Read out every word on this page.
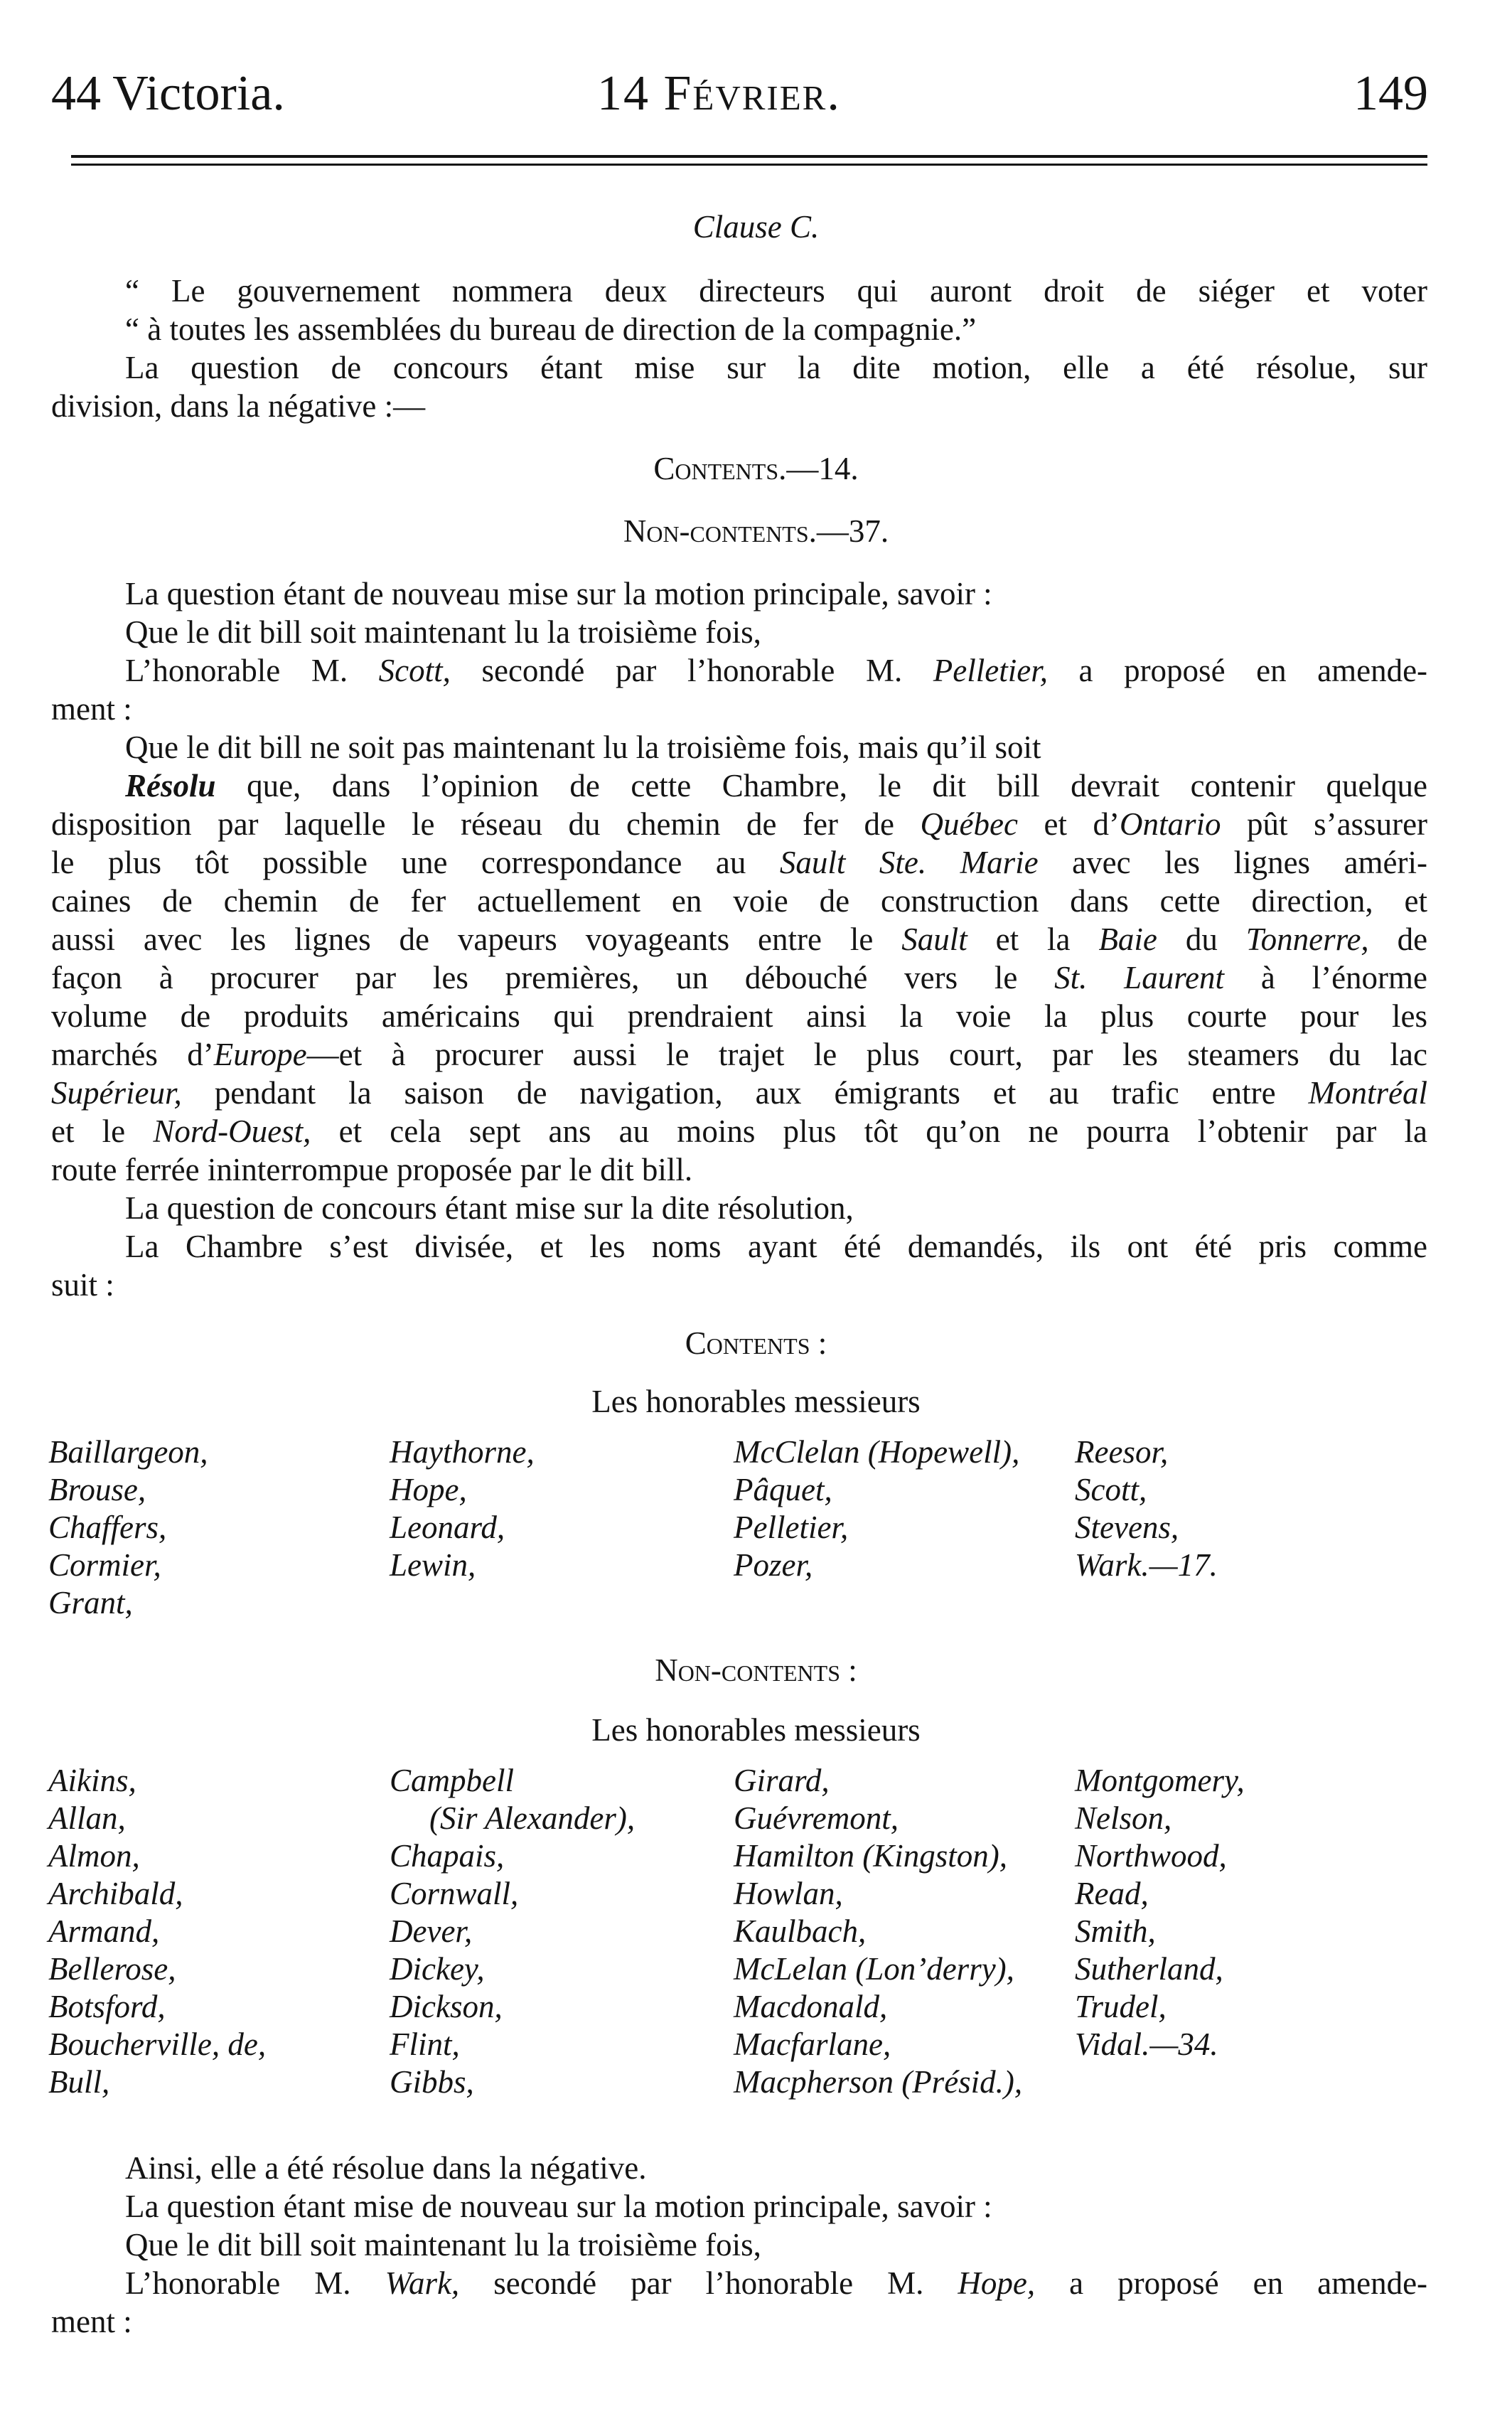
44 Victoria.	14 Février.	149
Clause C.
“ Le gouvernement nommera deux directeurs qui auront droit de siéger et voter
“ à toutes les assemblées du bureau de direction de la compagnie.”
La question de concours étant mise sur la dite motion, elle a été résolue, sur
division, dans la négative :—
Contents.—14.
Non-contents.—37.
La question étant de nouveau mise sur la motion principale, savoir :
Que le dit bill soit maintenant lu la troisième fois,
L’honorable M. Scott, secondé par l’honorable M. Pelletier, a proposé en amende-
ment :
Que le dit bill ne soit pas maintenant lu la troisième fois, mais qu’il soit
Résolu que, dans l’opinion de cette Chambre, le dit bill devrait contenir quelque
disposition par laquelle le réseau du chemin de fer de Québec et d’Ontario pût s’assurer
le plus tôt possible une correspondance au Sault Ste. Marie avec les lignes améri-
caines de chemin de fer actuellement en voie de construction dans cette direction, et
aussi avec les lignes de vapeurs voyageants entre le Sault et la Baie du Tonnerre, de
façon à procurer par les premières, un débouché vers le St. Laurent à l’énorme
volume de produits américains qui prendraient ainsi la voie la plus courte pour les
marchés d’Europe—et à procurer aussi le trajet le plus court, par les steamers du lac
Supérieur, pendant la saison de navigation, aux émigrants et au trafic entre Montréal
et le Nord-Ouest, et cela sept ans au moins plus tôt qu’on ne pourra l’obtenir par la
route ferrée ininterrompue proposée par le dit bill.
La question de concours étant mise sur la dite résolution,
La Chambre s’est divisée, et les noms ayant été demandés, ils ont été pris comme
suit :
Contents :
Les honorables messieurs
Baillargeon,
Brouse,
Chaffers,
Cormier,
Grant,
Haythorne,
Hope,
Leonard,
Lewin,
McClelan (Hopewell),
Pâquet,
Pelletier,
Pozer,
Reesor,
Scott,
Stevens,
Wark.—17.
Non-contents :
Les honorables messieurs
Aikins,
Allan,
Almon,
Archibald,
Armand,
Bellerose,
Botsford,
Boucherville, de,
Bull,
Campbell
(Sir Alexander),
Chapais,
Cornwall,
Dever,
Dickey,
Dickson,
Flint,
Gibbs,
Girard,
Guévremont,
Hamilton (Kingston),
Howlan,
Kaulbach,
McLelan (Lon’derry),
Macdonald,
Macfarlane,
Macpherson (Présid.),
Montgomery,
Nelson,
Northwood,
Read,
Smith,
Sutherland,
Trudel,
Vidal.—34.
Ainsi, elle a été résolue dans la négative.
La question étant mise de nouveau sur la motion principale, savoir :
Que le dit bill soit maintenant lu la troisième fois,
L’honorable M. Wark, secondé par l’honorable M. Hope, a proposé en amende-
ment :
